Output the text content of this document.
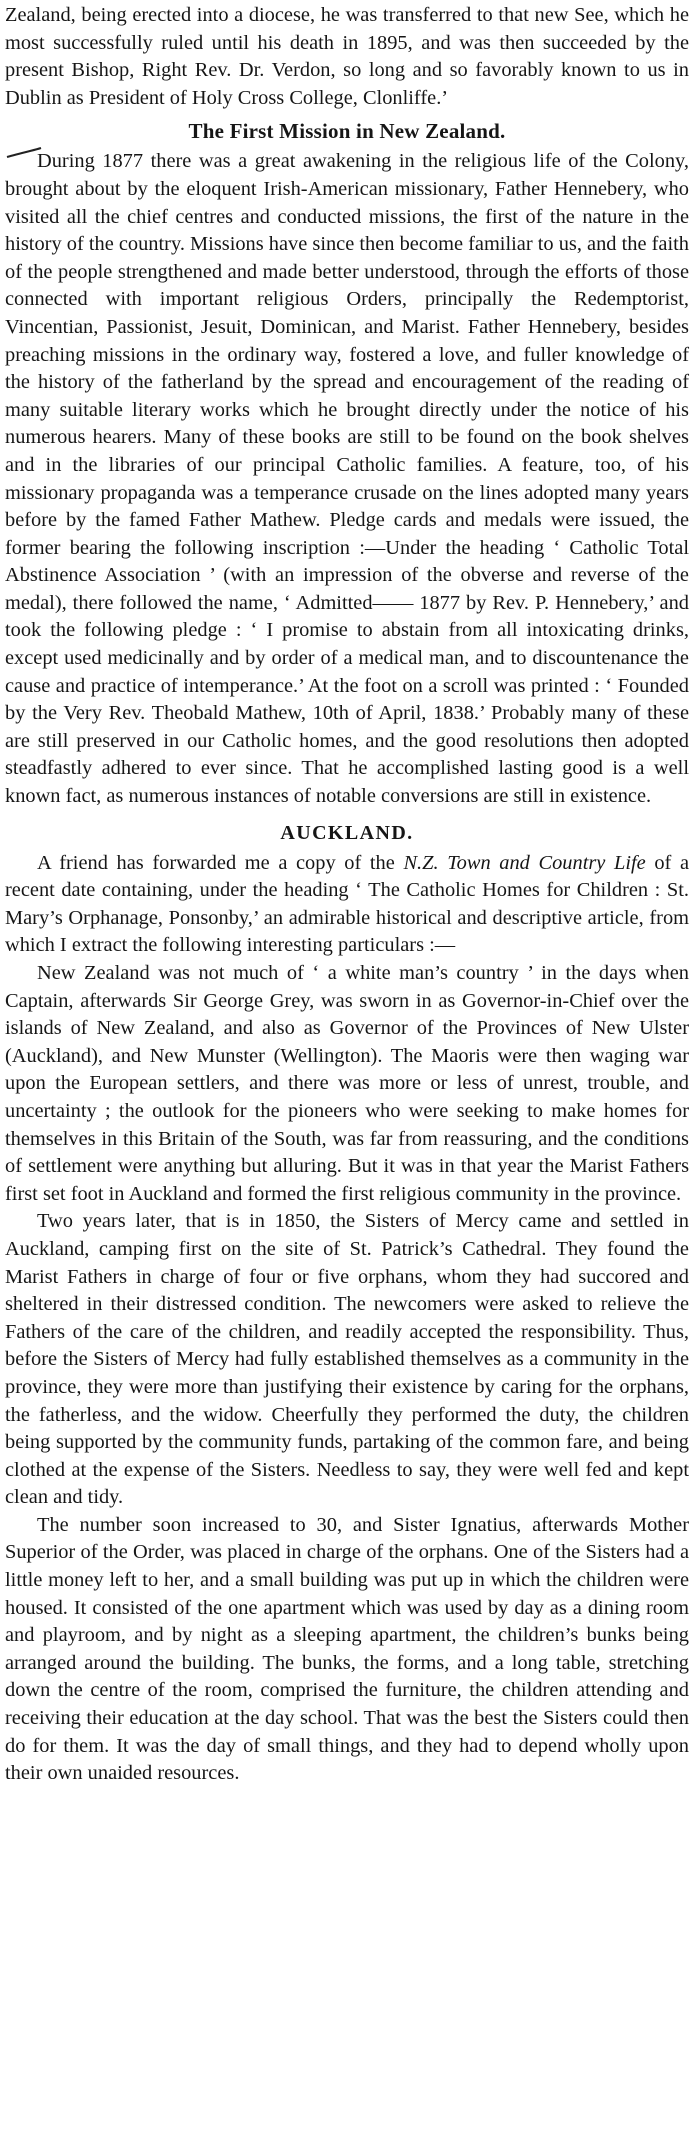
Zealand, being erected into a diocese, he was transferred to that new See, which he most successfully ruled until his death in 1895, and was then succeeded by the present Bishop, Right Rev. Dr. Verdon, so long and so favorably known to us in Dublin as President of Holy Cross College, Clonliffe.’

The First Mission in New Zealand.

During 1877 there was a great awakening in the religious life of the Colony, brought about by the eloquent Irish-American missionary, Father Hennebery, who visited all the chief centres and conducted missions, the first of the nature in the history of the country. Missions have since then become familiar to us, and the faith of the people strengthened and made better understood, through the efforts of those connected with important religious Orders, principally the Redemptorist, Vincentian, Passionist, Jesuit, Dominican, and Marist. Father Hennebery, besides preaching missions in the ordinary way, fostered a love, and fuller knowledge of the history of the fatherland by the spread and encouragement of the reading of many suitable literary works which he brought directly under the notice of his numerous hearers. Many of these books are still to be found on the book shelves and in the libraries of our principal Catholic families. A feature, too, of his missionary propaganda was a temperance crusade on the lines adopted many years before by the famed Father Mathew. Pledge cards and medals were issued, the former bearing the following inscription :—Under the heading ‘ Catholic Total Abstinence Association ’ (with an impression of the obverse and reverse of the medal), there followed the name, ‘ Admitted—— 1877 by Rev. P. Hennebery,’ and took the following pledge : ‘ I promise to abstain from all intoxicating drinks, except used medicinally and by order of a medical man, and to discountenance the cause and practice of intemperance.’ At the foot on a scroll was printed : ‘ Founded by the Very Rev. Theobald Mathew, 10th of April, 1838.’ Probably many of these are still preserved in our Catholic homes, and the good resolutions then adopted steadfastly adhered to ever since. That he accomplished lasting good is a well known fact, as numerous instances of notable conversions are still in existence.

AUCKLAND.

A friend has forwarded me a copy of the N.Z. Town and Country Life of a recent date containing, under the heading ‘ The Catholic Homes for Children : St. Mary’s Orphanage, Ponsonby,’ an admirable historical and descriptive article, from which I extract the following interesting particulars :—

New Zealand was not much of ‘ a white man’s country ’ in the days when Captain, afterwards Sir George Grey, was sworn in as Governor-in-Chief over the islands of New Zealand, and also as Governor of the Provinces of New Ulster (Auckland), and New Munster (Wellington). The Maoris were then waging war upon the European settlers, and there was more or less of unrest, trouble, and uncertainty ; the outlook for the pioneers who were seeking to make homes for themselves in this Britain of the South, was far from reassuring, and the conditions of settlement were anything but alluring. But it was in that year the Marist Fathers first set foot in Auckland and formed the first religious community in the province.

Two years later, that is in 1850, the Sisters of Mercy came and settled in Auckland, camping first on the site of St. Patrick’s Cathedral. They found the Marist Fathers in charge of four or five orphans, whom they had succored and sheltered in their distressed condition. The newcomers were asked to relieve the Fathers of the care of the children, and readily accepted the responsibility. Thus, before the Sisters of Mercy had fully established themselves as a community in the province, they were more than justifying their existence by caring for the orphans, the fatherless, and the widow. Cheerfully they performed the duty, the children being supported by the community funds, partaking of the common fare, and being clothed at the expense of the Sisters. Needless to say, they were well fed and kept clean and tidy.

The number soon increased to 30, and Sister Ignatius, afterwards Mother Superior of the Order, was placed in charge of the orphans. One of the Sisters had a little money left to her, and a small building was put up in which the children were housed. It consisted of the one apartment which was used by day as a dining room and playroom, and by night as a sleeping apartment, the children’s bunks being arranged around the building. The bunks, the forms, and a long table, stretching down the centre of the room, comprised the furniture, the children attending and receiving their education at the day school. That was the best the Sisters could then do for them. It was the day of small things, and they had to depend wholly upon their own unaided resources.
